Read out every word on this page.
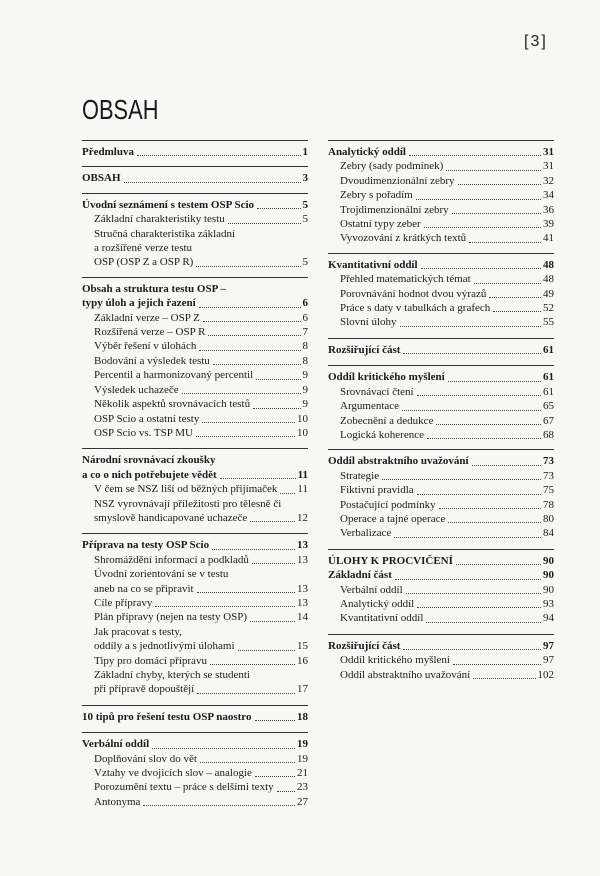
[3]
OBSAH
Předmluva	1
OBSAH	3
Úvodní seznámení s testem OSP Scio	5
Základní charakteristiky testu	5
Stručná charakteristika základní
a rozšířené verze testu
OSP (OSP Z a OSP R)	5
Obsah a struktura testu OSP –
typy úloh a jejich řazení	6
Základní verze – OSP Z	6
Rozšířená verze – OSP R	7
Výběr řešení v úlohách	8
Bodování a výsledek testu	8
Percentil a harmonizovaný percentil	9
Výsledek uchazeče	9
Několik aspektů srovnávacích testů	9
OSP Scio a ostatní testy	10
OSP Scio vs. TSP MU	10
Národní srovnávací zkoušky
a co o nich potřebujete vědět	11
V čem se NSZ liší od běžných přijímaček 11
NSZ vyrovnávají příležitosti pro tělesně či
smyslově handicapované uchazeče	12
Příprava na testy OSP Scio	13
Shromáždění informací a podkladů	13
Úvodní zorientování se v testu
aneb na co se připravit	13
Cíle přípravy	13
Plán přípravy (nejen na testy OSP)	14
Jak pracovat s testy,
oddíly a s jednotlivými úlohami	15
Tipy pro domácí přípravu	16
Základní chyby, kterých se studenti
při přípravě dopouštějí	17
10 tipů pro řešení testu OSP naostro	18
Verbální oddíl	19
Doplňování slov do vět	19
Vztahy ve dvojicích slov – analogie	21
Porozumění textu – práce s delšími texty 23
Antonyma	27
Analytický oddíl	31
Zebry (sady podmínek)	31
Dvoudimenzionální zebry	32
Zebry s pořadím	34
Trojdimenzionální zebry	36
Ostatní typy zeber	39
Vyvozování z krátkých textů	41
Kvantitativní oddíl	48
Přehled matematických témat	48
Porovnávání hodnot dvou výrazů	49
Práce s daty v tabulkách a grafech	52
Slovní úlohy	55
Rozšiřující část	61
Oddíl kritického myšlení	61
Srovnávací čtení	61
Argumentace	65
Zobecnění a dedukce	67
Logická koherence	68
Oddíl abstraktního uvažování	73
Strategie	73
Fiktivní pravidla	75
Postačující podmínky	78
Operace a tajné operace	80
Verbalizace	84
ÚLOHY K PROCVIČENÍ	90
Základní část	90
Verbální oddíl	90
Analytický oddíl	93
Kvantitativní oddíl	94
Rozšiřující část	97
Oddíl kritického myšlení	97
Oddíl abstraktního uvažování	102
